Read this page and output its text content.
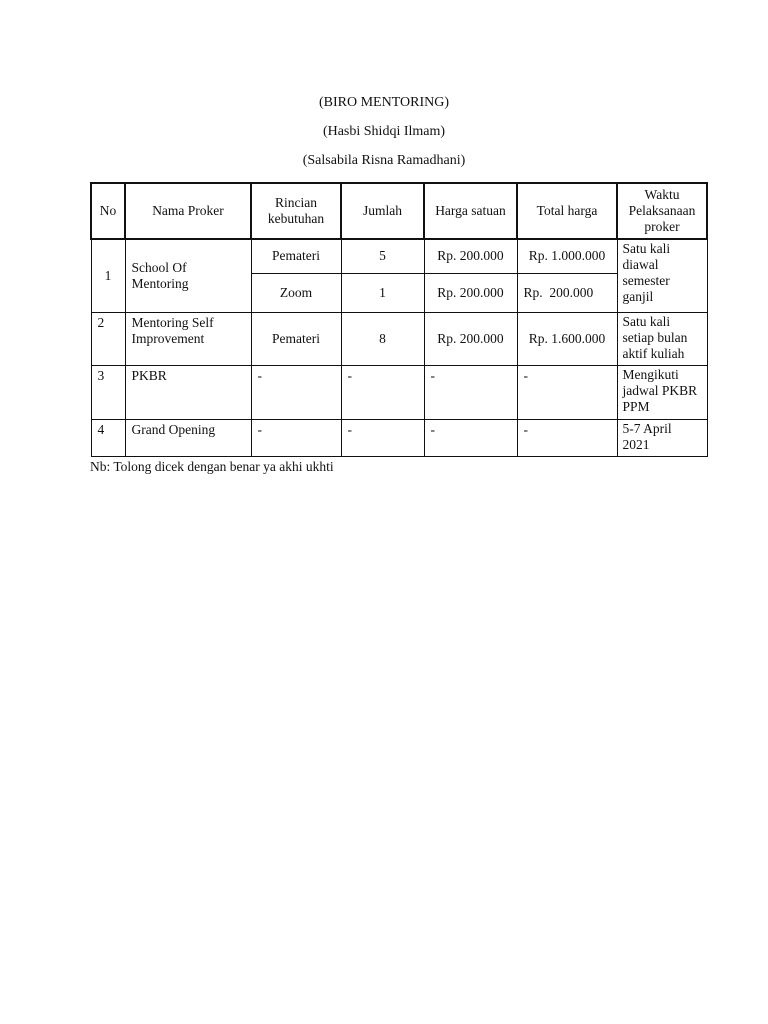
(BIRO MENTORING)
(Hasbi Shidqi Ilmam)
(Salsabila Risna Ramadhani)
No	Nama Proker	Rincian kebutuhan	Jumlah	Harga satuan	Total harga	Waktu Pelaksanaan proker
1	School Of Mentoring	Pemateri	5	Rp. 200.000	Rp. 1.000.000	Satu kali diawal semester ganjil
		Zoom	1	Rp. 200.000	Rp.  200.000	
2	Mentoring Self Improvement	Pemateri	8	Rp. 200.000	Rp. 1.600.000	Satu kali setiap bulan aktif kuliah
3	PKBR	-	-	-	-	Mengikuti jadwal PKBR PPM
4	Grand Opening	-	-	-	-	5-7 April 2021
Nb: Tolong dicek dengan benar ya akhi ukhti
